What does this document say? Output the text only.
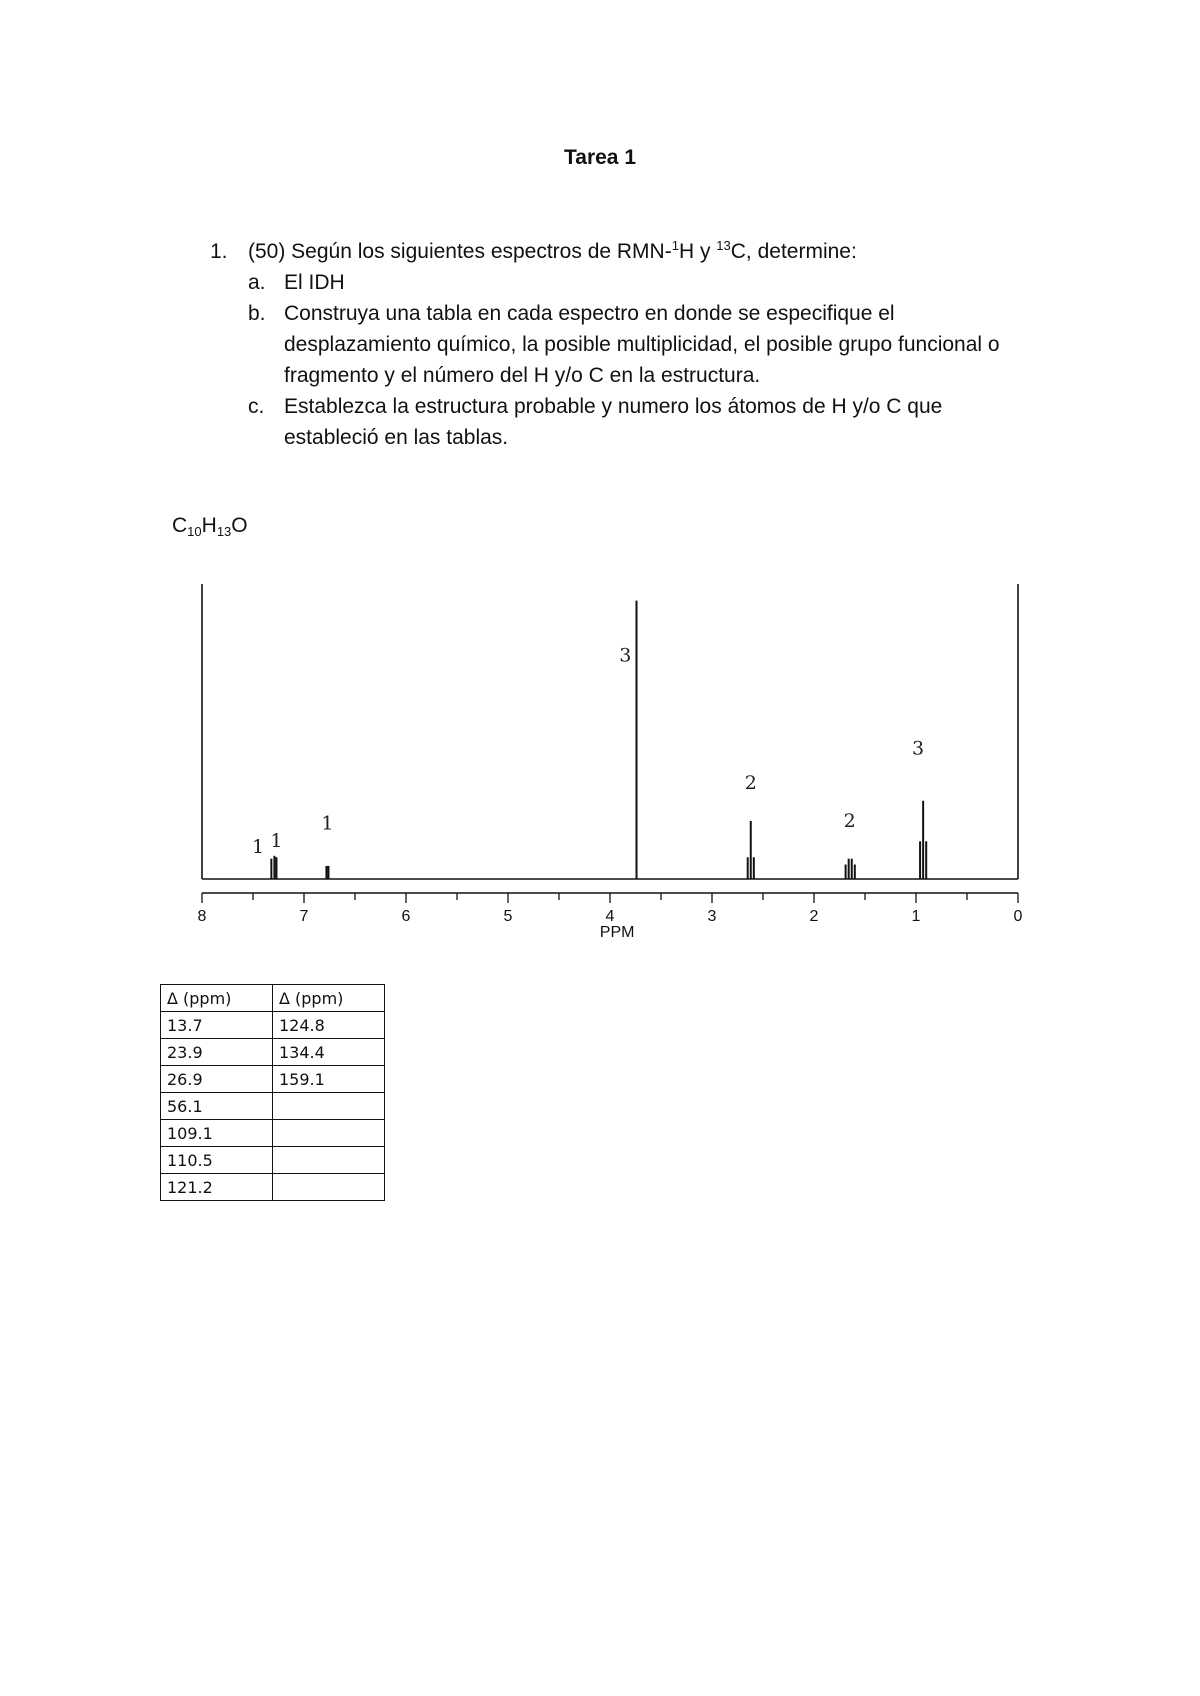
Tarea 1
1. (50) Según los siguientes espectros de RMN-$^1$H y $^{13}$C, determine:
a. El IDH
b. Construya una tabla en cada espectro en donde se especifique el desplazamiento químico, la posible multiplicidad, el posible grupo funcional o fragmento y el número del H y/o C en la estructura.
c. Establezca la estructura probable y numero los átomos de H y/o C que estableció en las tablas.
$C_{10}H_{13}O$
8	7	6	5	4	3	2	1	0
PPM
1 1
1
3
2
2
3
Δ (ppm)	Δ (ppm)
13.7	124.8
23.9	134.4
26.9	159.1
56.1	
109.1	
110.5	
121.2	
